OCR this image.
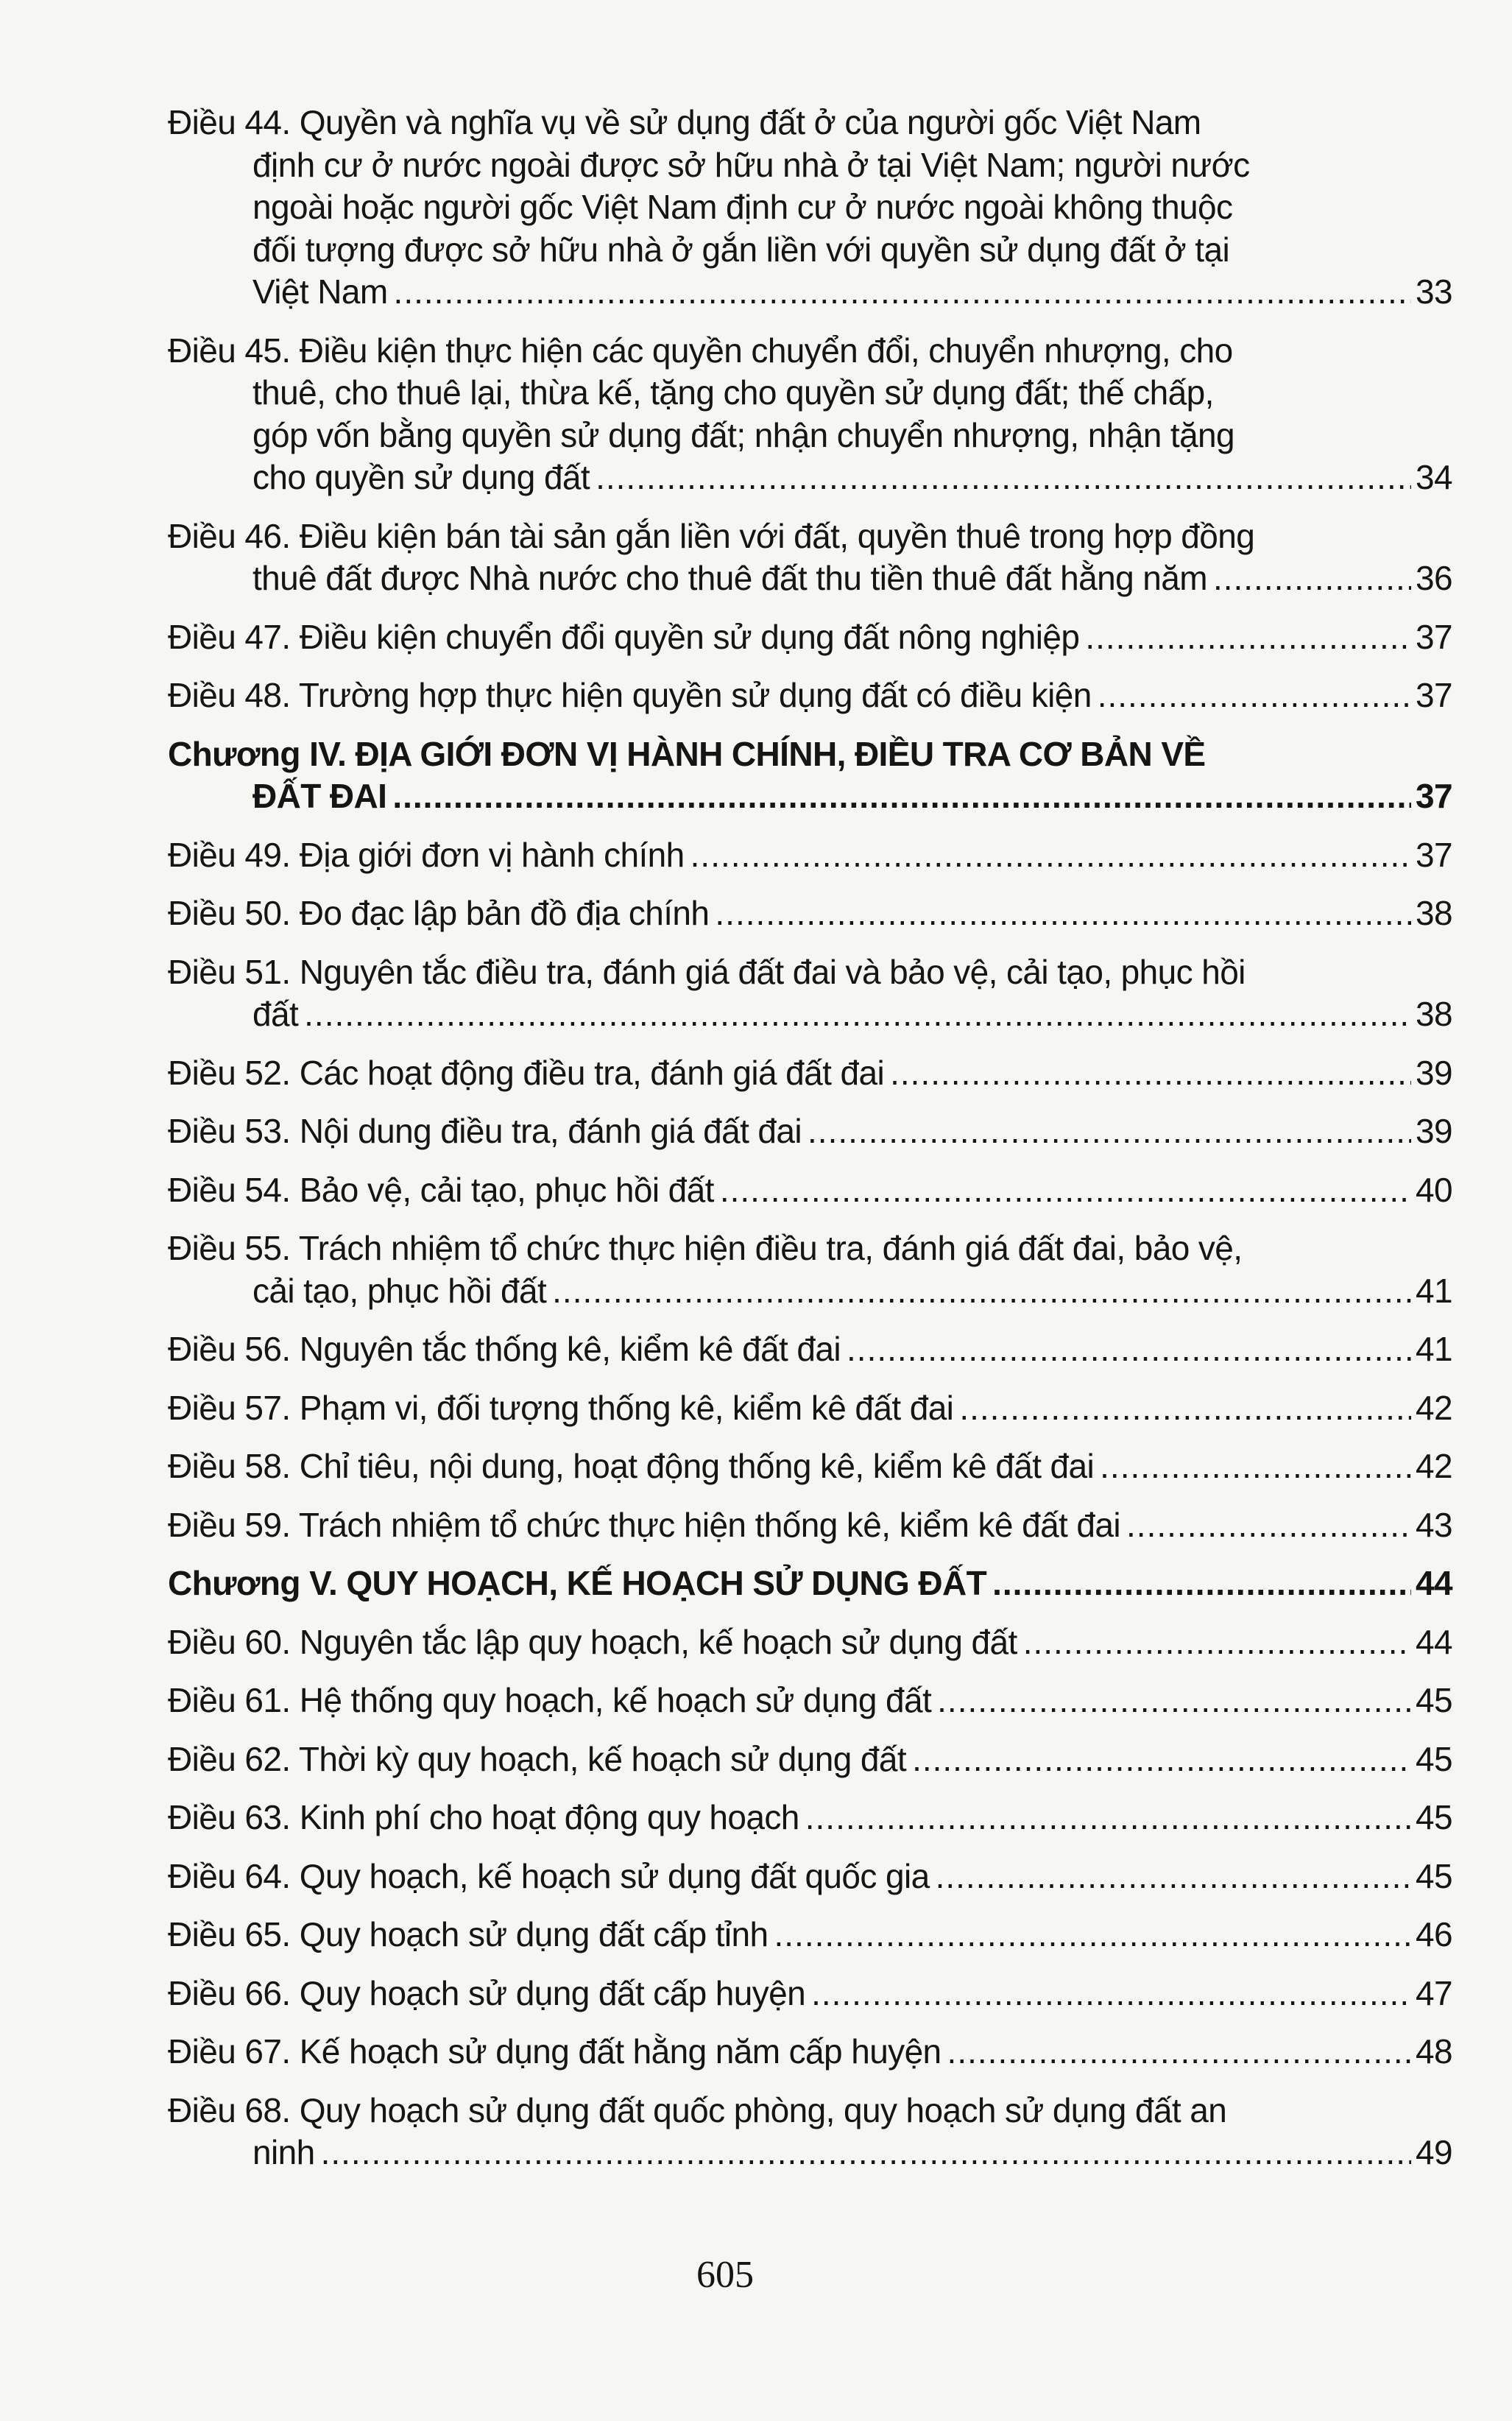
Điều 44. Quyền và nghĩa vụ về sử dụng đất ở của người gốc Việt Nam
định cư ở nước ngoài được sở hữu nhà ở tại Việt Nam; người nước
ngoài hoặc người gốc Việt Nam định cư ở nước ngoài không thuộc
đối tượng được sở hữu nhà ở gắn liền với quyền sử dụng đất ở tại
Việt Nam .....	33
Điều 45. Điều kiện thực hiện các quyền chuyển đổi, chuyển nhượng, cho
thuê, cho thuê lại, thừa kế, tặng cho quyền sử dụng đất; thế chấp,
góp vốn bằng quyền sử dụng đất; nhận chuyển nhượng, nhận tặng
cho quyền sử dụng đất .....	34
Điều 46. Điều kiện bán tài sản gắn liền với đất, quyền thuê trong hợp đồng
thuê đất được Nhà nước cho thuê đất thu tiền thuê đất hằng năm .....	36
Điều 47. Điều kiện chuyển đổi quyền sử dụng đất nông nghiệp .....	37
Điều 48. Trường hợp thực hiện quyền sử dụng đất có điều kiện .....	37
Chương IV. ĐỊA GIỚI ĐƠN VỊ HÀNH CHÍNH, ĐIỀU TRA CƠ BẢN VỀ
ĐẤT ĐAI .....	37
Điều 49. Địa giới đơn vị hành chính .....	37
Điều 50. Đo đạc lập bản đồ địa chính .....	38
Điều 51. Nguyên tắc điều tra, đánh giá đất đai và bảo vệ, cải tạo, phục hồi
đất .....	38
Điều 52. Các hoạt động điều tra, đánh giá đất đai .....	39
Điều 53. Nội dung điều tra, đánh giá đất đai .....	39
Điều 54. Bảo vệ, cải tạo, phục hồi đất .....	40
Điều 55. Trách nhiệm tổ chức thực hiện điều tra, đánh giá đất đai, bảo vệ,
cải tạo, phục hồi đất .....	41
Điều 56. Nguyên tắc thống kê, kiểm kê đất đai .....	41
Điều 57. Phạm vi, đối tượng thống kê, kiểm kê đất đai .....	42
Điều 58. Chỉ tiêu, nội dung, hoạt động thống kê, kiểm kê đất đai .....	42
Điều 59. Trách nhiệm tổ chức thực hiện thống kê, kiểm kê đất đai .....	43
Chương V. QUY HOẠCH, KẾ HOẠCH SỬ DỤNG ĐẤT .....	44
Điều 60. Nguyên tắc lập quy hoạch, kế hoạch sử dụng đất .....	44
Điều 61. Hệ thống quy hoạch, kế hoạch sử dụng đất .....	45
Điều 62. Thời kỳ quy hoạch, kế hoạch sử dụng đất .....	45
Điều 63. Kinh phí cho hoạt động quy hoạch .....	45
Điều 64. Quy hoạch, kế hoạch sử dụng đất quốc gia .....	45
Điều 65. Quy hoạch sử dụng đất cấp tỉnh .....	46
Điều 66. Quy hoạch sử dụng đất cấp huyện .....	47
Điều 67. Kế hoạch sử dụng đất hằng năm cấp huyện .....	48
Điều 68. Quy hoạch sử dụng đất quốc phòng, quy hoạch sử dụng đất an
ninh .....	49
605
